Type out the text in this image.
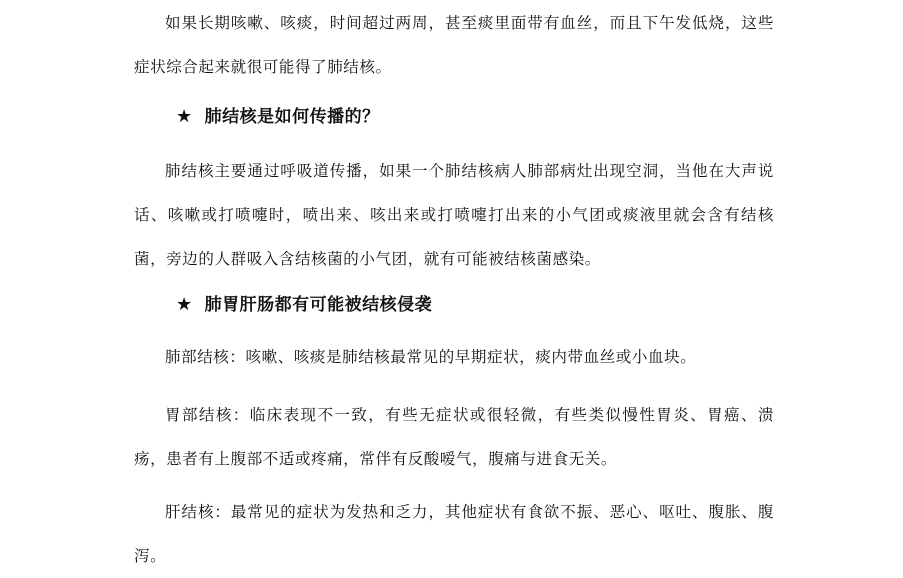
如果长期咳嗽、咳痰，时间超过两周，甚至痰里面带有血丝，而且下午发低烧，这些症状综合起来就很可能得了肺结核。

★ 肺结核是如何传播的？

肺结核主要通过呼吸道传播，如果一个肺结核病人肺部病灶出现空洞，当他在大声说话、咳嗽或打喷嚏时，喷出来、咳出来或打喷嚏打出来的小气团或痰液里就会含有结核菌，旁边的人群吸入含结核菌的小气团，就有可能被结核菌感染。

★ 肺胃肝肠都有可能被结核侵袭

肺部结核：咳嗽、咳痰是肺结核最常见的早期症状，痰内带血丝或小血块。

胃部结核：临床表现不一致，有些无症状或很轻微，有些类似慢性胃炎、胃癌、溃疡，患者有上腹部不适或疼痛，常伴有反酸嗳气，腹痛与进食无关。

肝结核：最常见的症状为发热和乏力，其他症状有食欲不振、恶心、呕吐、腹胀、腹泻。
